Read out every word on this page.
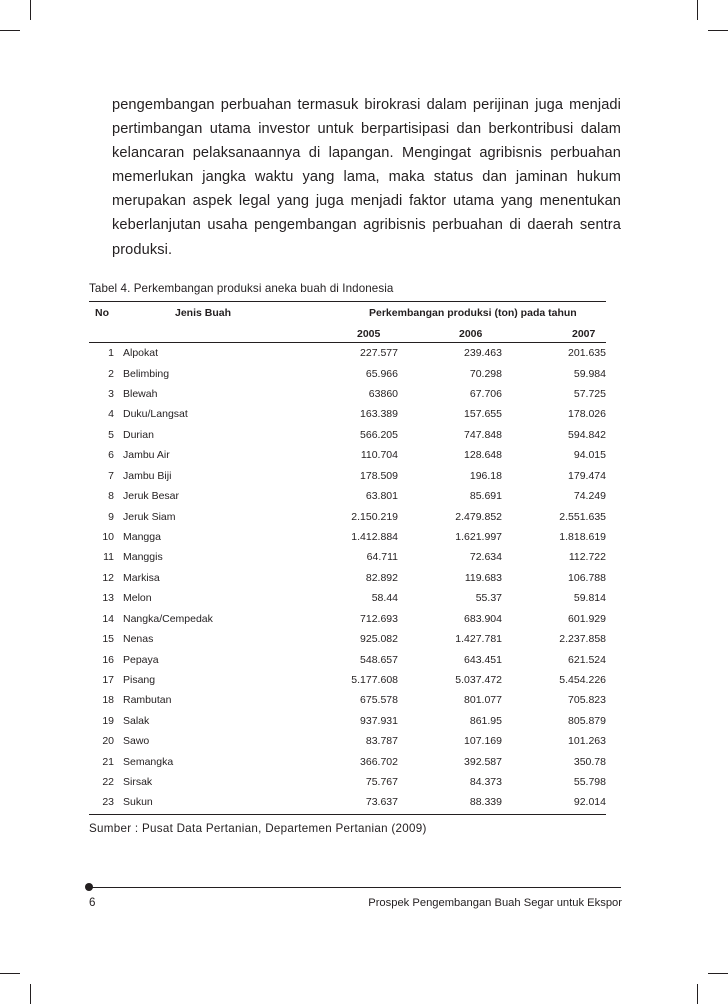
pengembangan perbuahan termasuk birokrasi dalam perijinan juga menjadi pertimbangan utama investor untuk berpartisipasi dan berkontribusi dalam kelancaran pelaksanaannya di lapangan. Mengingat agribisnis perbuahan memerlukan jangka waktu yang lama, maka status dan jaminan hukum merupakan aspek legal yang juga menjadi faktor utama yang menentukan keberlanjutan usaha pengembangan agribisnis perbuahan di daerah sentra produksi.

Tabel 4. Perkembangan produksi aneka buah di Indonesia
No	Jenis Buah	Perkembangan produksi (ton) pada tahun
2005	2006	2007
1	Alpokat	227.577	239.463	201.635
2	Belimbing	65.966	70.298	59.984
3	Blewah	63860	67.706	57.725
4	Duku/Langsat	163.389	157.655	178.026
5	Durian	566.205	747.848	594.842
6	Jambu Air	110.704	128.648	94.015
7	Jambu Biji	178.509	196.18	179.474
8	Jeruk Besar	63.801	85.691	74.249
9	Jeruk Siam	2.150.219	2.479.852	2.551.635
10	Mangga	1.412.884	1.621.997	1.818.619
11	Manggis	64.711	72.634	112.722
12	Markisa	82.892	119.683	106.788
13	Melon	58.44	55.37	59.814
14	Nangka/Cempedak	712.693	683.904	601.929
15	Nenas	925.082	1.427.781	2.237.858
16	Pepaya	548.657	643.451	621.524
17	Pisang	5.177.608	5.037.472	5.454.226
18	Rambutan	675.578	801.077	705.823
19	Salak	937.931	861.95	805.879
20	Sawo	83.787	107.169	101.263
21	Semangka	366.702	392.587	350.78
22	Sirsak	75.767	84.373	55.798
23	Sukun	73.637	88.339	92.014
Sumber : Pusat Data Pertanian, Departemen Pertanian (2009)
6	Prospek Pengembangan Buah Segar untuk Ekspor
